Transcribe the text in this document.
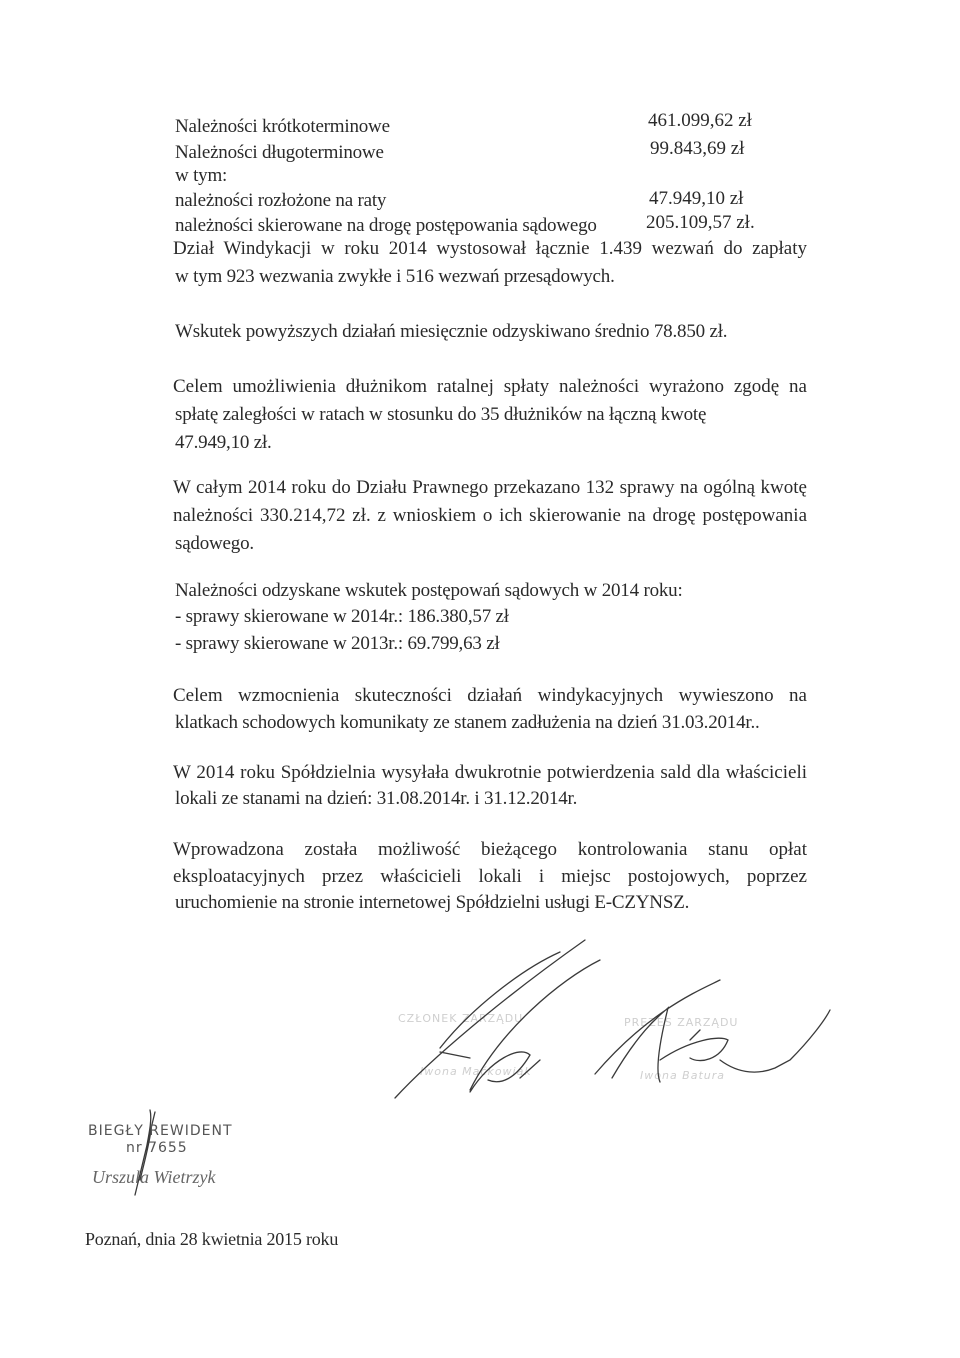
Należności krótkoterminowe	461.099,62 zł
Należności długoterminowe	99.843,69 zł
w tym:
należności rozłożone na raty	47.949,10 zł
należności skierowane na drogę postępowania sądowego	205.109,57 zł.
Dział Windykacji w roku 2014 wystosował łącznie 1.439 wezwań do zapłaty
w tym 923 wezwania zwykłe i 516 wezwań przesądowych.
Wskutek powyższych działań miesięcznie odzyskiwano średnio 78.850 zł.
Celem umożliwienia dłużnikom ratalnej spłaty należności wyrażono zgodę na
spłatę zaległości w ratach w stosunku do 35 dłużników na łączną kwotę
47.949,10 zł.
W całym 2014 roku do Działu Prawnego przekazano 132 sprawy na ogólną kwotę
należności 330.214,72 zł. z wnioskiem o ich skierowanie na drogę postępowania
sądowego.
Należności odzyskane wskutek postępowań sądowych w 2014 roku:
- sprawy skierowane w 2014r.: 186.380,57 zł
- sprawy skierowane w 2013r.: 69.799,63 zł
Celem wzmocnienia skuteczności działań windykacyjnych wywieszono na
klatkach schodowych komunikaty ze stanem zadłużenia na dzień 31.03.2014r..
W 2014 roku Spółdzielnia wysyłała dwukrotnie potwierdzenia sald dla właścicieli
lokali ze stanami na dzień: 31.08.2014r. i 31.12.2014r.
Wprowadzona została możliwość bieżącego kontrolowania stanu opłat
eksploatacyjnych przez właścicieli lokali i miejsc postojowych, poprzez
uruchomienie na stronie internetowej Spółdzielni usługi E-CZYNSZ.
CZŁONEK ZARZĄDU
Iwona Maćkowiak
PREZES ZARZĄDU
Iwona Batura
BIEGŁY REWIDENT
nr 7655
Urszula Wietrzyk
Poznań, dnia 28 kwietnia 2015 roku
